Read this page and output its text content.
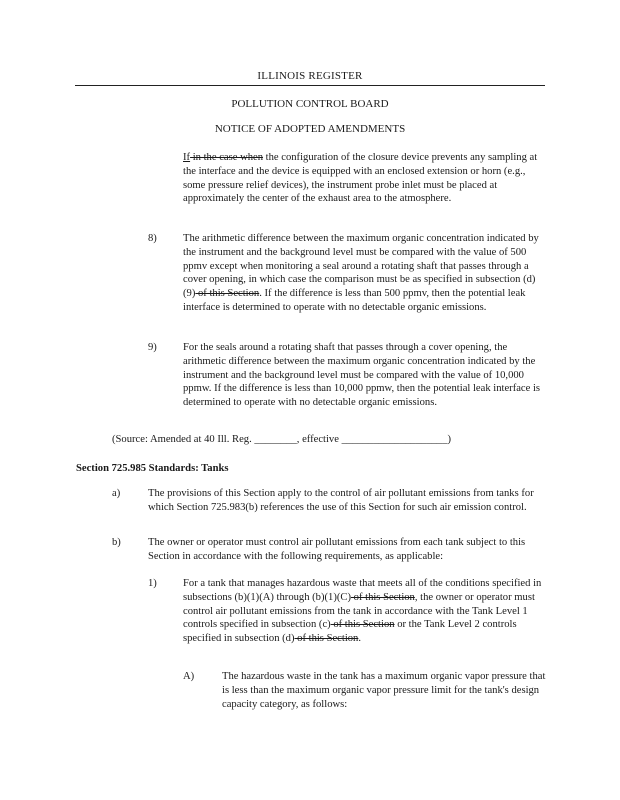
ILLINOIS REGISTER
POLLUTION CONTROL BOARD
NOTICE OF ADOPTED AMENDMENTS
If in the case when the configuration of the closure device prevents any sampling at the interface and the device is equipped with an enclosed extension or horn (e.g., some pressure relief devices), the instrument probe inlet must be placed at approximately the center of the exhaust area to the atmosphere.
8) The arithmetic difference between the maximum organic concentration indicated by the instrument and the background level must be compared with the value of 500 ppmv except when monitoring a seal around a rotating shaft that passes through a cover opening, in which case the comparison must be as specified in subsection (d)(9) of this Section. If the difference is less than 500 ppmv, then the potential leak interface is determined to operate with no detectable organic emissions.
9) For the seals around a rotating shaft that passes through a cover opening, the arithmetic difference between the maximum organic concentration indicated by the instrument and the background level must be compared with the value of 10,000 ppmw. If the difference is less than 10,000 ppmw, then the potential leak interface is determined to operate with no detectable organic emissions.
(Source: Amended at 40 Ill. Reg. ________, effective ____________________)
Section 725.985 Standards: Tanks
a)	The provisions of this Section apply to the control of air pollutant emissions from tanks for which Section 725.983(b) references the use of this Section for such air emission control.
b)	The owner or operator must control air pollutant emissions from each tank subject to this Section in accordance with the following requirements, as applicable:
1) For a tank that manages hazardous waste that meets all of the conditions specified in subsections (b)(1)(A) through (b)(1)(C) of this Section, the owner or operator must control air pollutant emissions from the tank in accordance with the Tank Level 1 controls specified in subsection (c) of this Section or the Tank Level 2 controls specified in subsection (d) of this Section.
A)	The hazardous waste in the tank has a maximum organic vapor pressure that is less than the maximum organic vapor pressure limit for the tank's design capacity category, as follows:
